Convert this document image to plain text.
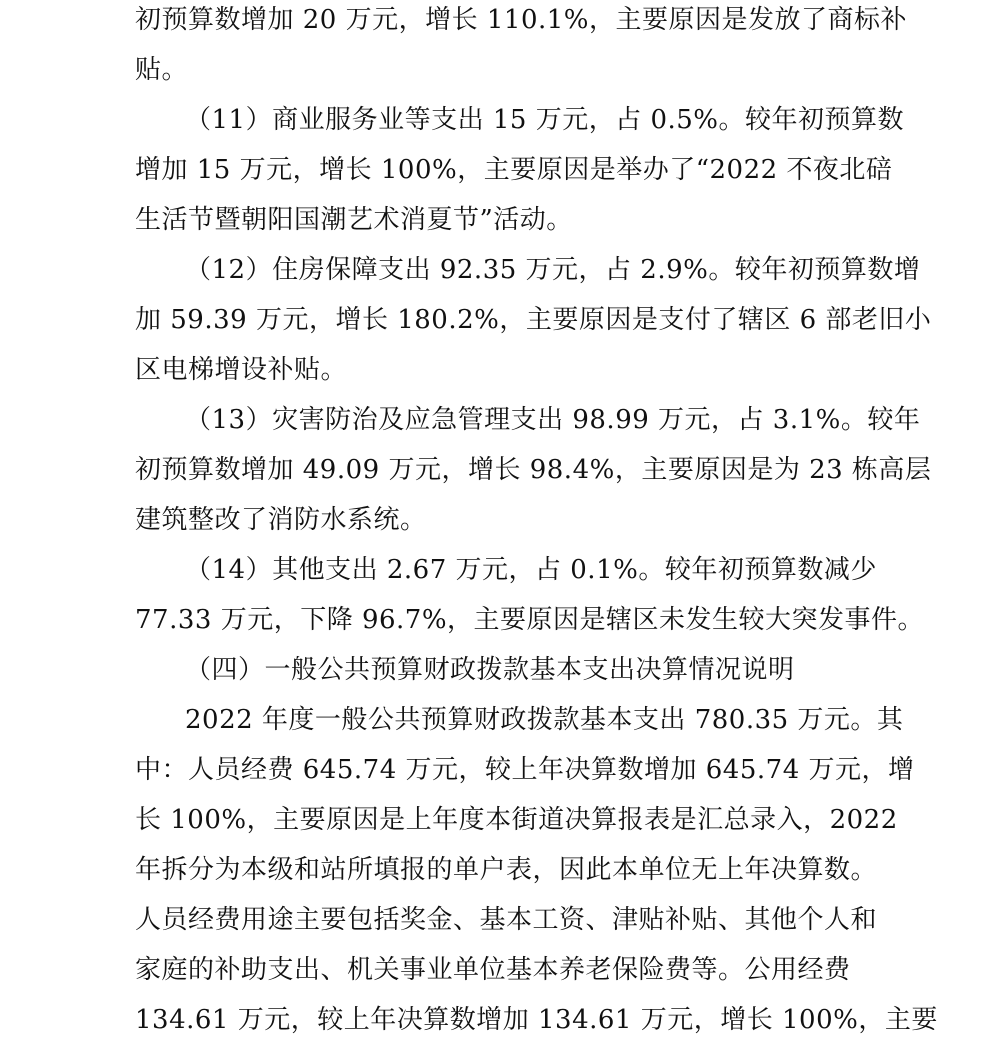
初预算数增加 20 万元，增长 110.1%，主要原因是发放了商标补
贴。
（11）商业服务业等支出 15 万元，占 0.5%。较年初预算数
增加 15 万元，增长 100%，主要原因是举办了“2022 不夜北碚
生活节暨朝阳国潮艺术消夏节”活动。
（12）住房保障支出 92.35 万元，占 2.9%。较年初预算数增
加 59.39 万元，增长 180.2%，主要原因是支付了辖区 6 部老旧小
区电梯增设补贴。
（13）灾害防治及应急管理支出 98.99 万元，占 3.1%。较年
初预算数增加 49.09 万元，增长 98.4%，主要原因是为 23 栋高层
建筑整改了消防水系统。
（14）其他支出 2.67 万元，占 0.1%。较年初预算数减少
77.33 万元，下降 96.7%，主要原因是辖区未发生较大突发事件。
（四）一般公共预算财政拨款基本支出决算情况说明
2022 年度一般公共预算财政拨款基本支出 780.35 万元。其
中：人员经费 645.74 万元，较上年决算数增加 645.74 万元，增
长 100%，主要原因是上年度本街道决算报表是汇总录入，2022
年拆分为本级和站所填报的单户表，因此本单位无上年决算数。
人员经费用途主要包括奖金、基本工资、津贴补贴、其他个人和
家庭的补助支出、机关事业单位基本养老保险费等。公用经费
134.61 万元，较上年决算数增加 134.61 万元，增长 100%，主要
